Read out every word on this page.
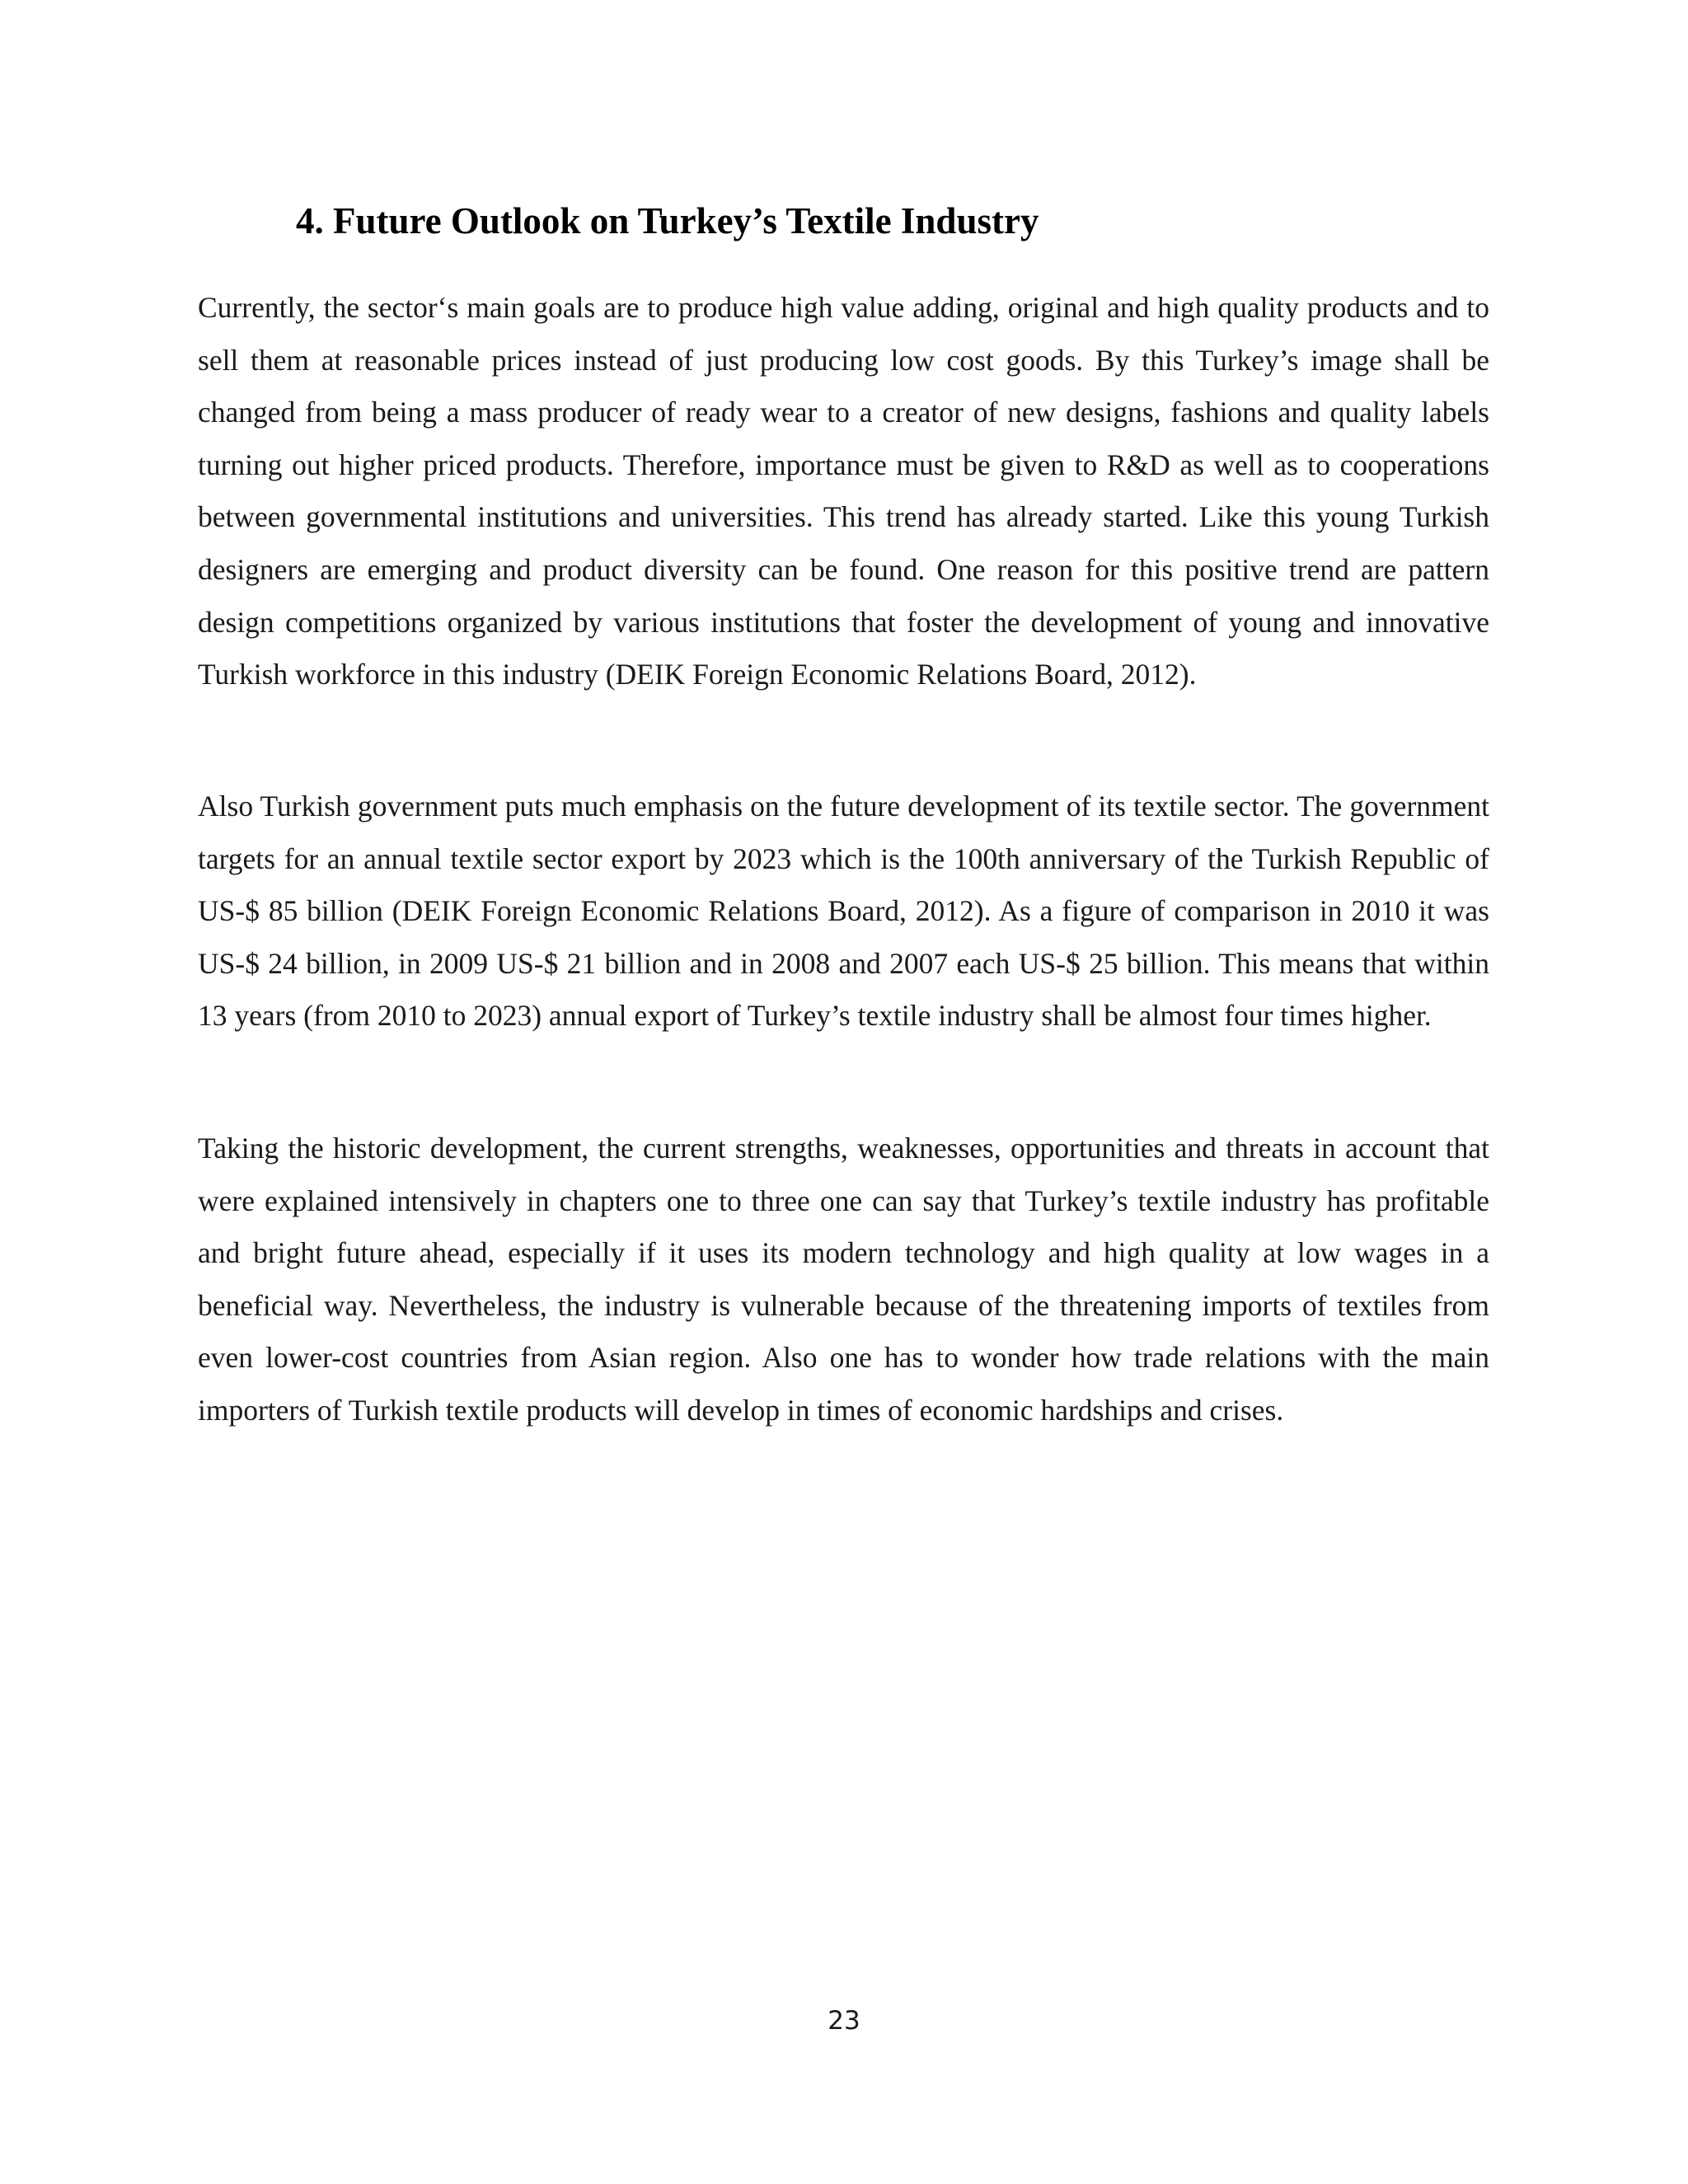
4. Future Outlook on Turkey’s Textile Industry

Currently, the sector‘s main goals are to produce high value adding, original and high quality products and to sell them at reasonable prices instead of just producing low cost goods. By this Turkey’s image shall be changed from being a mass producer of ready wear to a creator of new designs, fashions and quality labels turning out higher priced products. Therefore, importance must be given to R&D as well as to cooperations between governmental institutions and universities. This trend has already started. Like this young Turkish designers are emerging and product diversity can be found. One reason for this positive trend are pattern design competitions organized by various institutions that foster the development of young and innovative Turkish workforce in this industry (DEIK Foreign Economic Relations Board, 2012).

Also Turkish government puts much emphasis on the future development of its textile sector. The government targets for an annual textile sector export by 2023 which is the 100th anniversary of the Turkish Republic of US-$ 85 billion (DEIK Foreign Economic Relations Board, 2012). As a figure of comparison in 2010 it was US-$ 24 billion, in 2009 US-$ 21 billion and in 2008 and 2007 each US-$ 25 billion. This means that within 13 years (from 2010 to 2023) annual export of Turkey’s textile industry shall be almost four times higher.

Taking the historic development, the current strengths, weaknesses, opportunities and threats in account that were explained intensively in chapters one to three one can say that Turkey’s textile industry has profitable and bright future ahead, especially if it uses its modern technology and high quality at low wages in a beneficial way. Nevertheless, the industry is vulnerable because of the threatening imports of textiles from even lower-cost countries from Asian region. Also one has to wonder how trade relations with the main importers of Turkish textile products will develop in times of economic hardships and crises.

23
